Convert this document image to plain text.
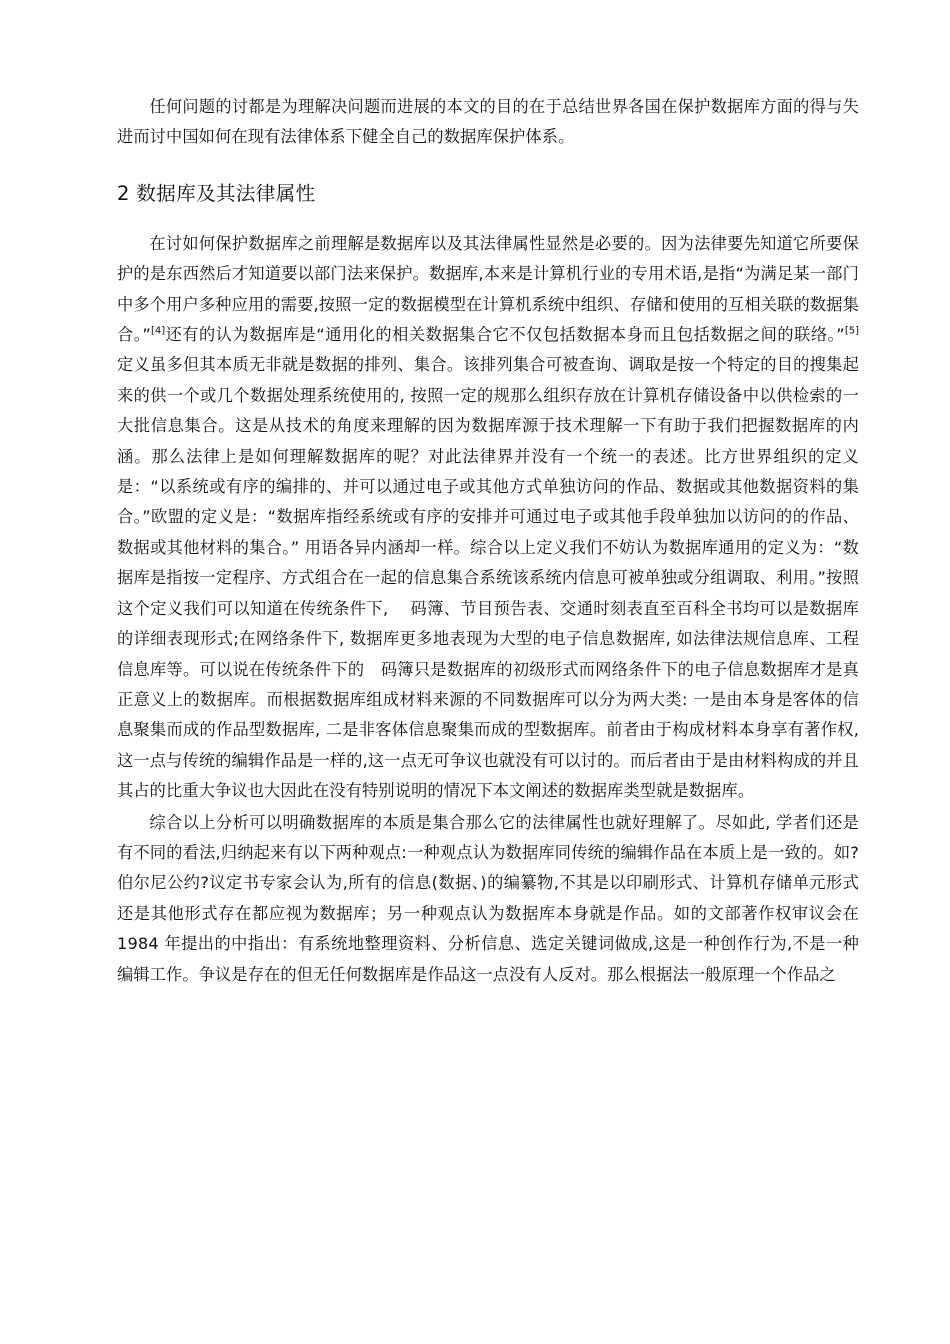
任何问题的讨都是为理解决问题而进展的本文的目的在于总结世界各国在保护数据库方面的得与失进而讨中国如何在现有法律体系下健全自己的数据库保护体系。

2 数据库及其法律属性

在讨如何保护数据库之前理解是数据库以及其法律属性显然是必要的。因为法律要先知道它所要保护的是东西然后才知道要以部门法来保护。数据库,本来是计算机行业的专用术语,是指“为满足某一部门中多个用户多种应用的需要,按照一定的数据模型在计算机系统中组织、存储和使用的互相关联的数据集合。”[4]还有的认为数据库是“通用化的相关数据集合它不仅包括数据本身而且包括数据之间的联络。”[5] 定义虽多但其本质无非就是数据的排列、集合。该排列集合可被查询、调取是按一个特定的目的搜集起来的供一个或几个数据处理系统使用的, 按照一定的规那么组织存放在计算机存储设备中以供检索的一大批信息集合。这是从技术的角度来理解的因为数据库源于技术理解一下有助于我们把握数据库的内涵。那么法律上是如何理解数据库的呢？对此法律界并没有一个统一的表述。比方世界组织的定义是：“以系统或有序的编排的、并可以通过电子或其他方式单独访问的作品、数据或其他数据资料的集合。”欧盟的定义是：“数据库指经系统或有序的安排并可通过电子或其他手段单独加以访问的的作品、数据或其他材料的集合。” 用语各异内涵却一样。综合以上定义我们不妨认为数据库通用的定义为：“数据库是指按一定程序、方式组合在一起的信息集合系统该系统内信息可被单独或分组调取、利用。”按照这个定义我们可以知道在传统条件下, 　码簿、节目预告表、交通时刻表直至百科全书均可以是数据库的详细表现形式;在网络条件下, 数据库更多地表现为大型的电子信息数据库, 如法律法规信息库、工程信息库等。可以说在传统条件下的　码簿只是数据库的初级形式而网络条件下的电子信息数据库才是真正意义上的数据库。而根据数据库组成材料来源的不同数据库可以分为两大类: 一是由本身是客体的信息聚集而成的作品型数据库, 二是非客体信息聚集而成的型数据库。前者由于构成材料本身享有著作权,这一点与传统的编辑作品是一样的,这一点无可争议也就没有可以讨的。而后者由于是由材料构成的并且其占的比重大争议也大因此在没有特别说明的情况下本文阐述的数据库类型就是数据库。

综合以上分析可以明确数据库的本质是集合那么它的法律属性也就好理解了。尽如此, 学者们还是有不同的看法,归纳起来有以下两种观点:一种观点认为数据库同传统的编辑作品在本质上是一致的。如?伯尔尼公约?议定书专家会认为,所有的信息(数据、)的编纂物,不其是以印刷形式、计算机存储单元形式还是其他形式存在都应视为数据库；另一种观点认为数据库本身就是作品。如的文部著作权审议会在 1984 年提出的中指出：有系统地整理资料、分析信息、选定关键词做成,这是一种创作行为,不是一种编辑工作。争议是存在的但无任何数据库是作品这一点没有人反对。那么根据法一般原理一个作品之
